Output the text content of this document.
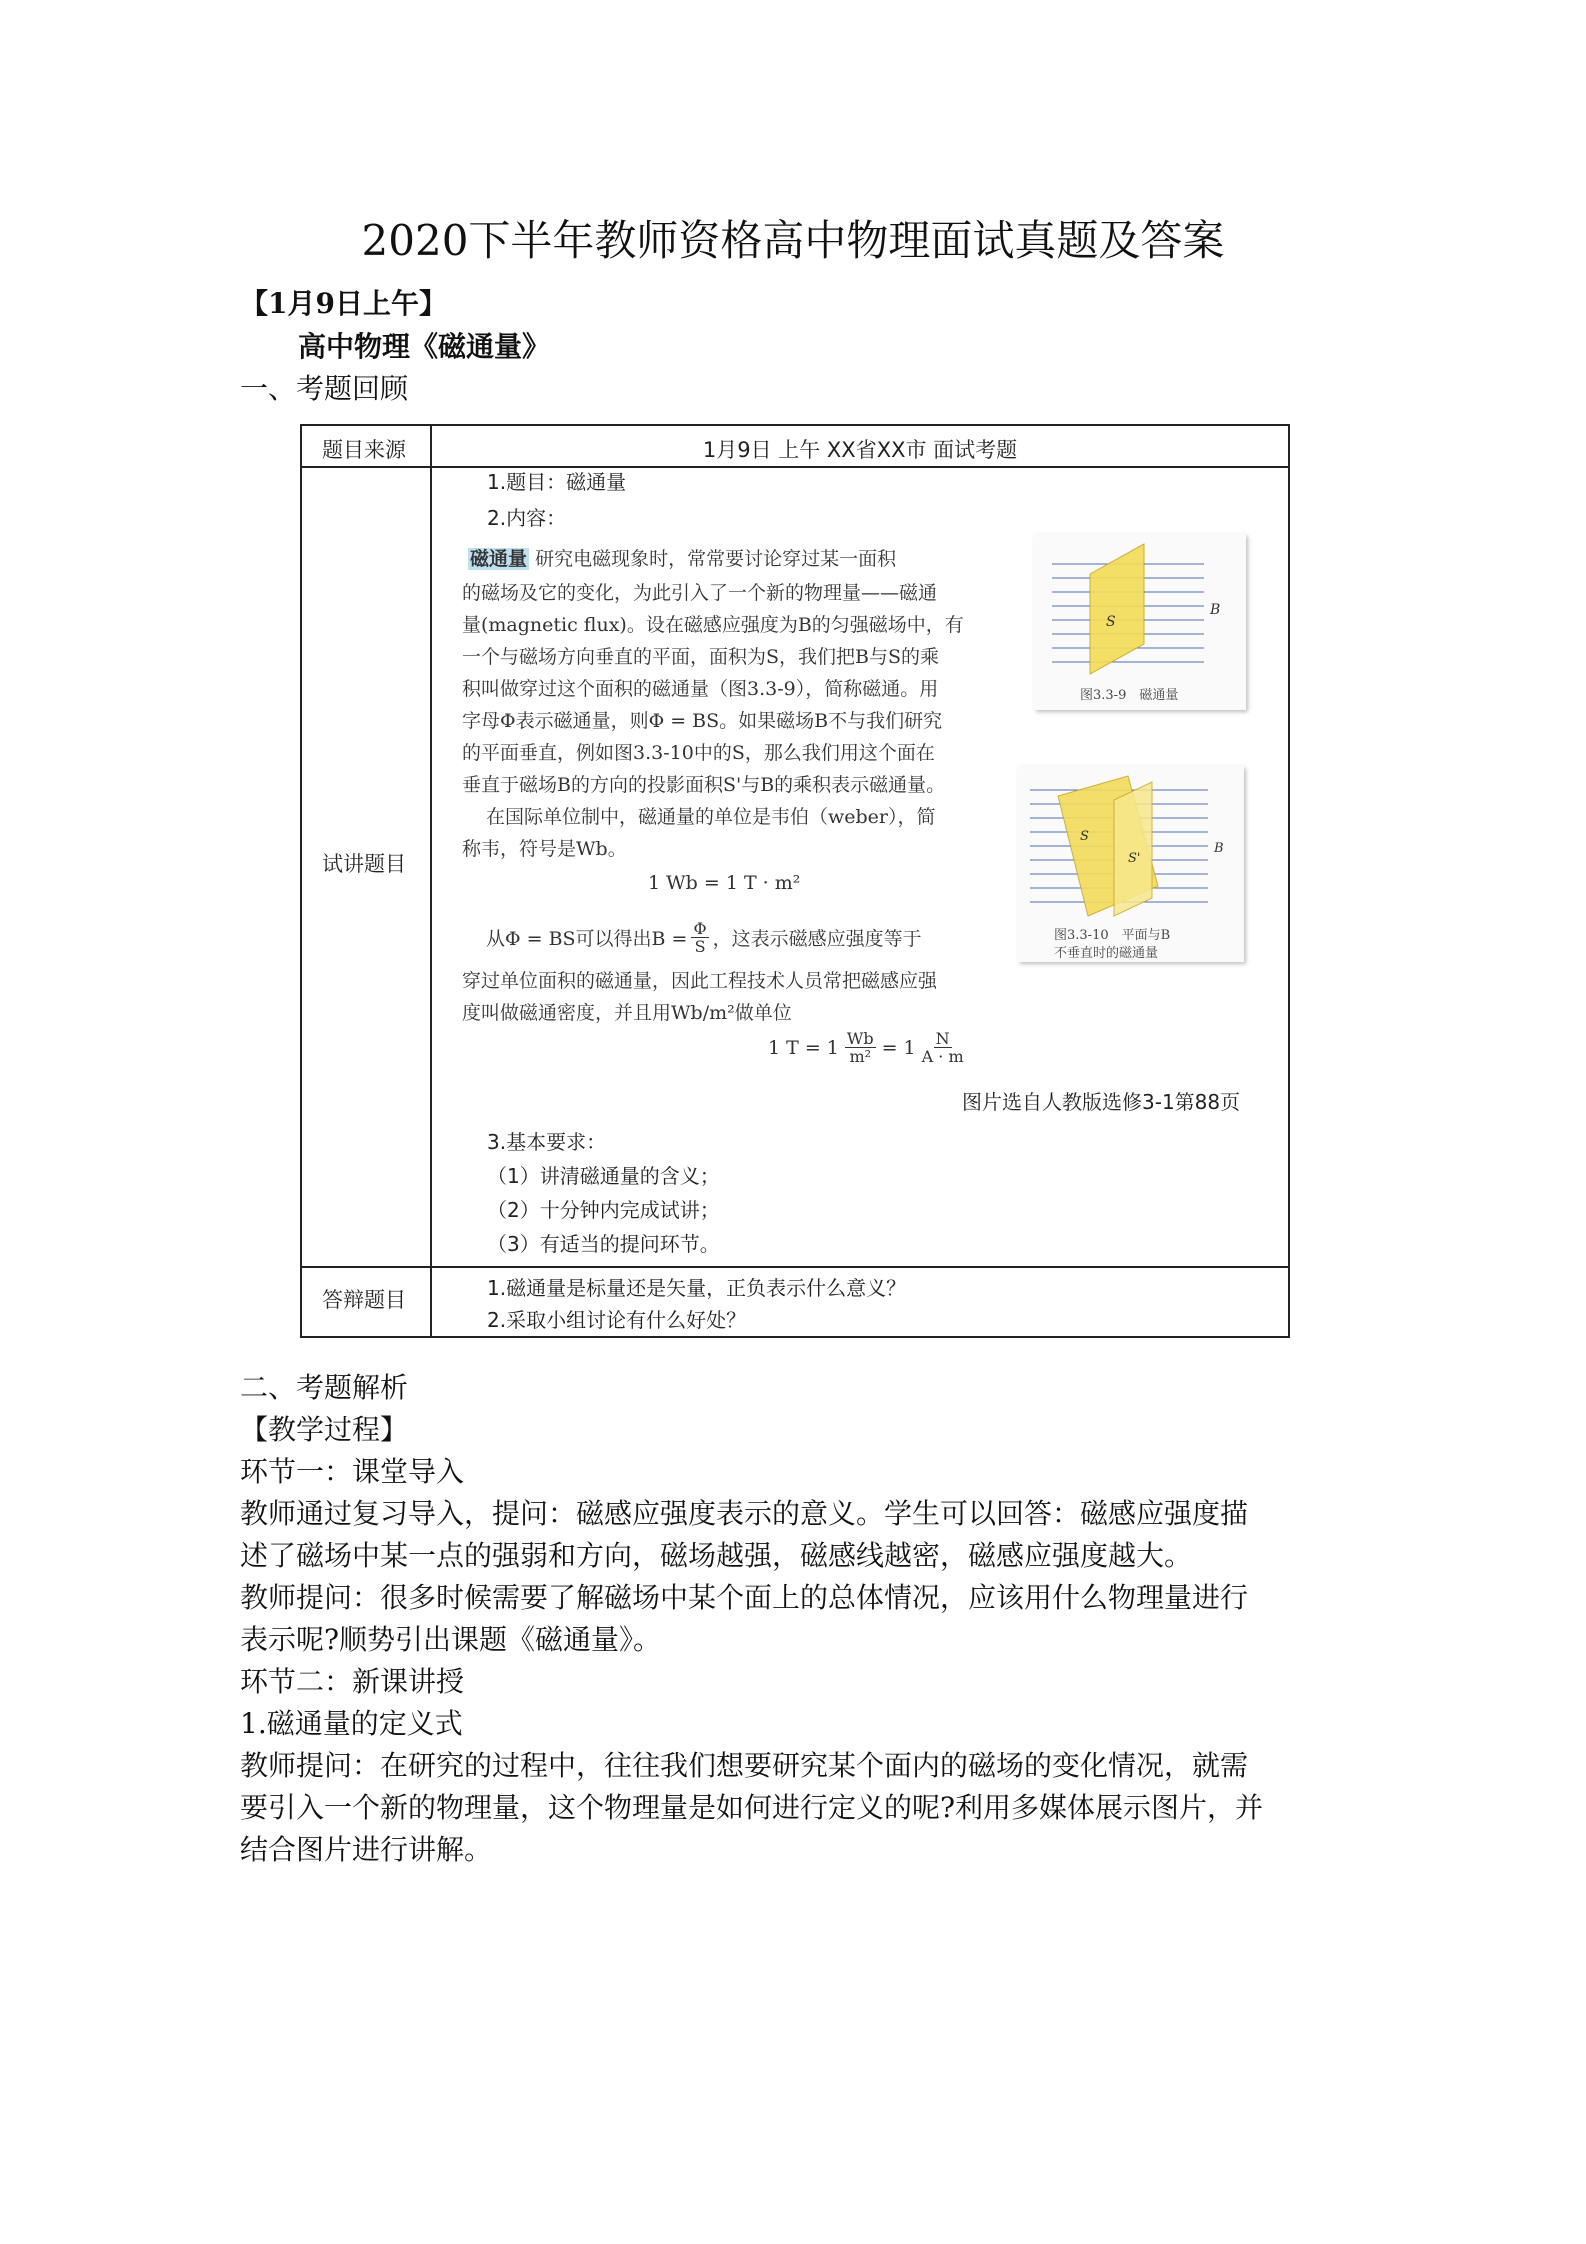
2020下半年教师资格高中物理面试真题及答案
【1月9日上午】
高中物理《磁通量》
一、考题回顾
题目来源	1月9日 上午 XX省XX市 面试考题
试讲题目
1.题目：磁通量
2.内容：
磁通量 研究电磁现象时，常常要讨论穿过某一面积
的磁场及它的变化，为此引入了一个新的物理量——磁通
量(magnetic flux)。设在磁感应强度为B的匀强磁场中，有
一个与磁场方向垂直的平面，面积为S，我们把B与S的乘
积叫做穿过这个面积的磁通量（图3.3-9），简称磁通。用
字母Φ表示磁通量，则Φ = BS。如果磁场B不与我们研究
的平面垂直，例如图3.3-10中的S，那么我们用这个面在
垂直于磁场B的方向的投影面积S'与B的乘积表示磁通量。
在国际单位制中，磁通量的单位是韦伯（weber），简
称韦，符号是Wb。
1 Wb = 1 T · m²
从Φ = BS可以得出$B = \frac{\Phi}{S}$ ，这表示磁感应强度等于
穿过单位面积的磁通量，因此工程技术人员常把磁感应强
度叫做磁通密度，并且用Wb/m²做单位
1 $T = 1 \frac{Wb}{\text{m²}} = 1 \frac{N}{A \cdot m}$
S
B
图3.3-9　磁通量
S
S'
B
图3.3-10　平面与B
不垂直时的磁通量
图片选自人教版选修3-1第88页
3.基本要求：
（1）讲清磁通量的含义；
（2）十分钟内完成试讲；
（3）有适当的提问环节。
答辩题目	1.磁通量是标量还是矢量，正负表示什么意义？
2.采取小组讨论有什么好处？
二、考题解析
【教学过程】
环节一：课堂导入
教师通过复习导入，提问：磁感应强度表示的意义。学生可以回答：磁感应强度描
述了磁场中某一点的强弱和方向，磁场越强，磁感线越密，磁感应强度越大。
教师提问：很多时候需要了解磁场中某个面上的总体情况，应该用什么物理量进行
表示呢?顺势引出课题《磁通量》。
环节二：新课讲授
1.磁通量的定义式
教师提问：在研究的过程中，往往我们想要研究某个面内的磁场的变化情况，就需
要引入一个新的物理量，这个物理量是如何进行定义的呢?利用多媒体展示图片，并
结合图片进行讲解。
